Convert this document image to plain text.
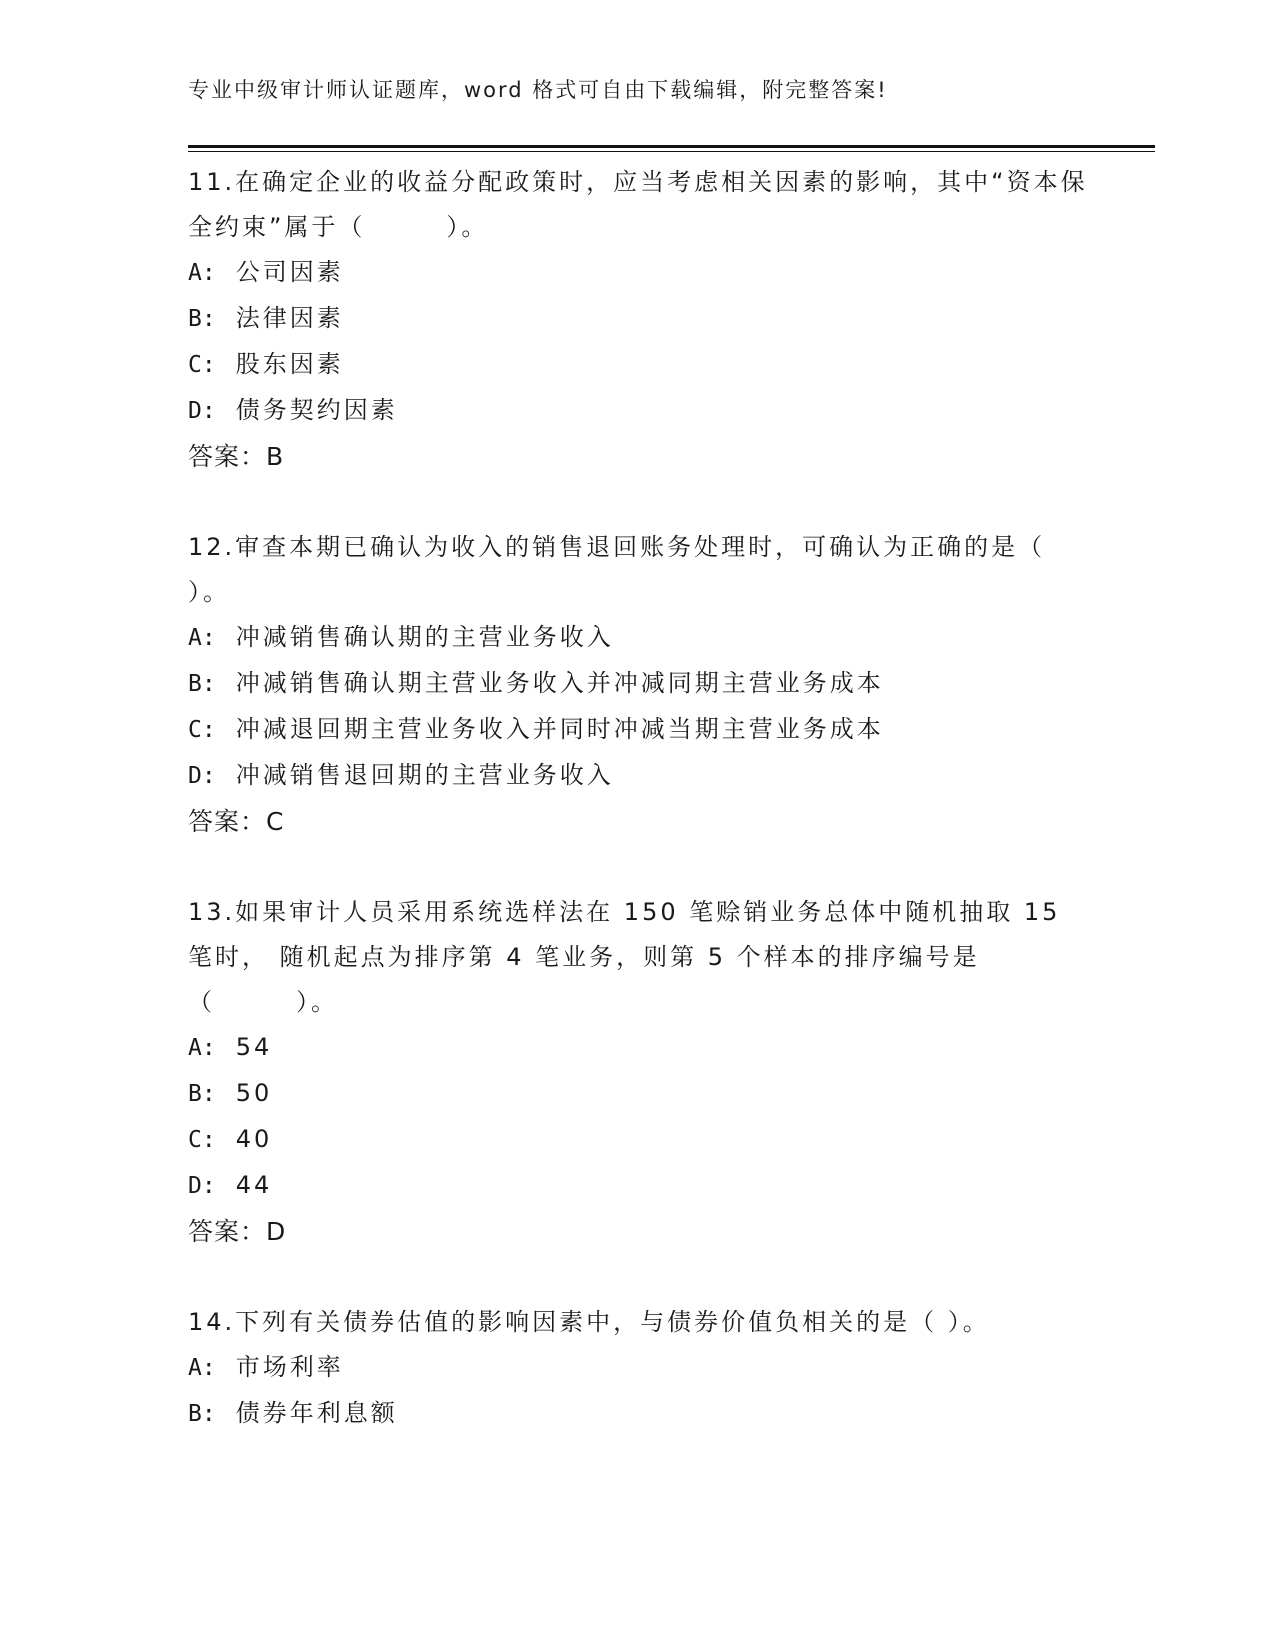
专业中级审计师认证题库，word 格式可自由下载编辑，附完整答案!

11.在确定企业的收益分配政策时，应当考虑相关因素的影响，其中“资本保全约束”属于（　　　）。

A: 公司因素
B: 法律因素
C: 股东因素
D: 债务契约因素
答案：B

12.审查本期已确认为收入的销售退回账务处理时，可确认为正确的是（ ）。

A: 冲减销售确认期的主营业务收入
B: 冲减销售确认期主营业务收入并冲减同期主营业务成本
C: 冲减退回期主营业务收入并同时冲减当期主营业务成本
D: 冲减销售退回期的主营业务收入
答案：C

13.如果审计人员采用系统选样法在 150 笔赊销业务总体中随机抽取 15 笔时， 随机起点为排序第 4 笔业务，则第 5 个样本的排序编号是（　　　）。

A: 54
B: 50
C: 40
D: 44
答案：D

14.下列有关债券估值的影响因素中，与债券价值负相关的是（ ）。

A: 市场利率
B: 债券年利息额
